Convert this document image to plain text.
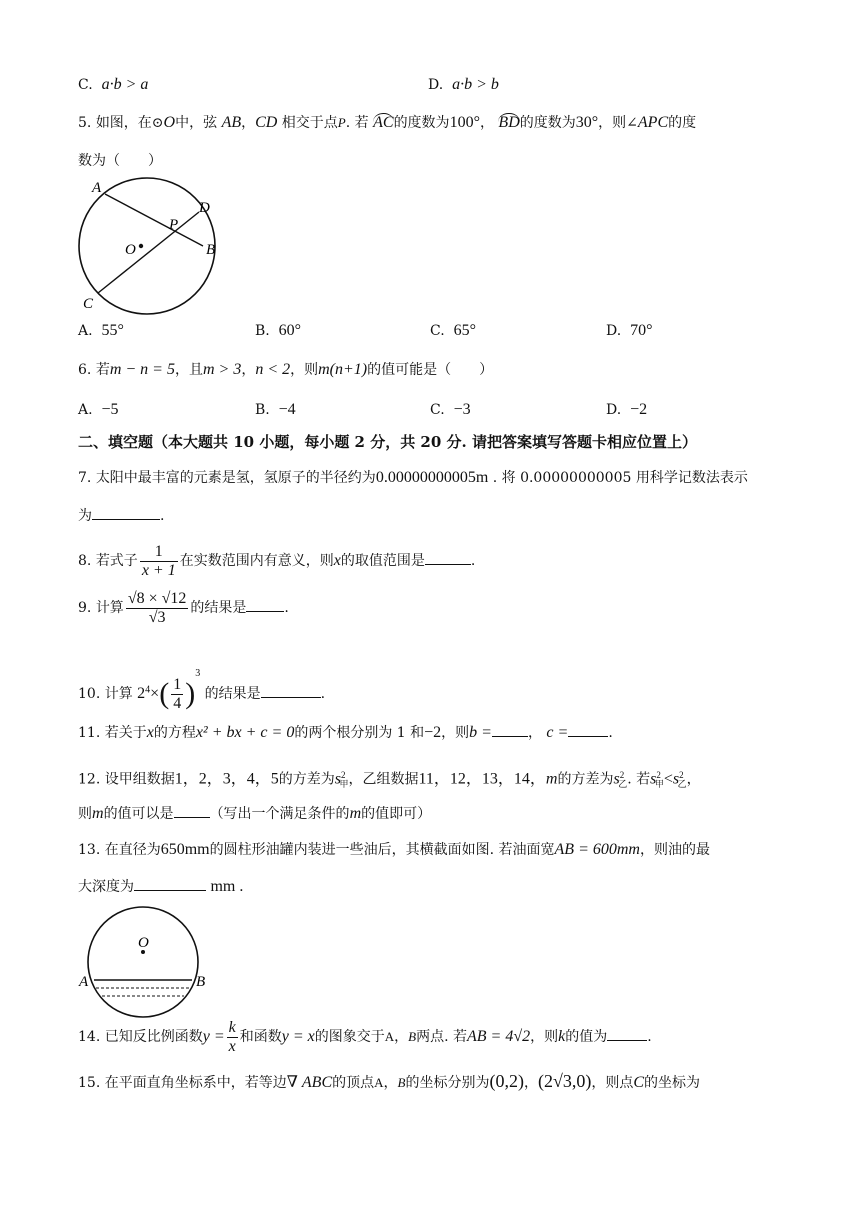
C. a·b > a	D. a·b > b
5. 如图，在⊙O中，弦 AB，CD 相交于点P. 若 AC的度数为100°， BD的度数为30°，则∠APC的度
数为（　　）
A
D
P
B
O
C
A. 55°	B. 60°	C. 65°	D. 70°
6. 若m − n = 5，且m > 3，n < 2，则m(n+1)的值可能是（　　）
A. −5	B. −4	C. −3	D. −2
二、填空题（本大题共 10 小题，每小题 2 分，共 20 分. 请把答案填写答题卡相应位置上）
7. 太阳中最丰富的元素是氢，氢原子的半径约为0.00000000005m . 将 0.00000000005 用科学记数法表示
为	.
8. 若式子 $\frac{1}{x + 1}$ 在实数范围内有意义，则x的取值范围是	.
9. 计算 $\frac{√8 \times √12}{√3}$ 的结果是	.
10. 计算 $2^4\times( \frac{1}{4} )^3$ 的结果是	.
11. 若关于x的方程x² + bx + c = 0的两个根分别为 1 和−2，则b =	， c =	.
12. 设甲组数据1，2，3，4，5的方差为$s^2_甲$，乙组数据11，12，13，14，m的方差为$s^2_乙$. 若$s^2_甲<s^2_乙$，
则m的值可以是	（写出一个满足条件的m的值即可）
13. 在直径为650mm的圆柱形油罐内装进一些油后，其横截面如图. 若油面宽AB = 600mm，则油的最
大深度为	mm .
O
A	B
14. 已知反比例函数$y = \frac{k}{x}$ 和函数y = x的图象交于A，B两点. 若AB = 4√2，则k的值为	.
15. 在平面直角坐标系中，若等边∇ ABC的顶点A，B的坐标分别为(0,2)，(2√3,0)，则点C的坐标为
